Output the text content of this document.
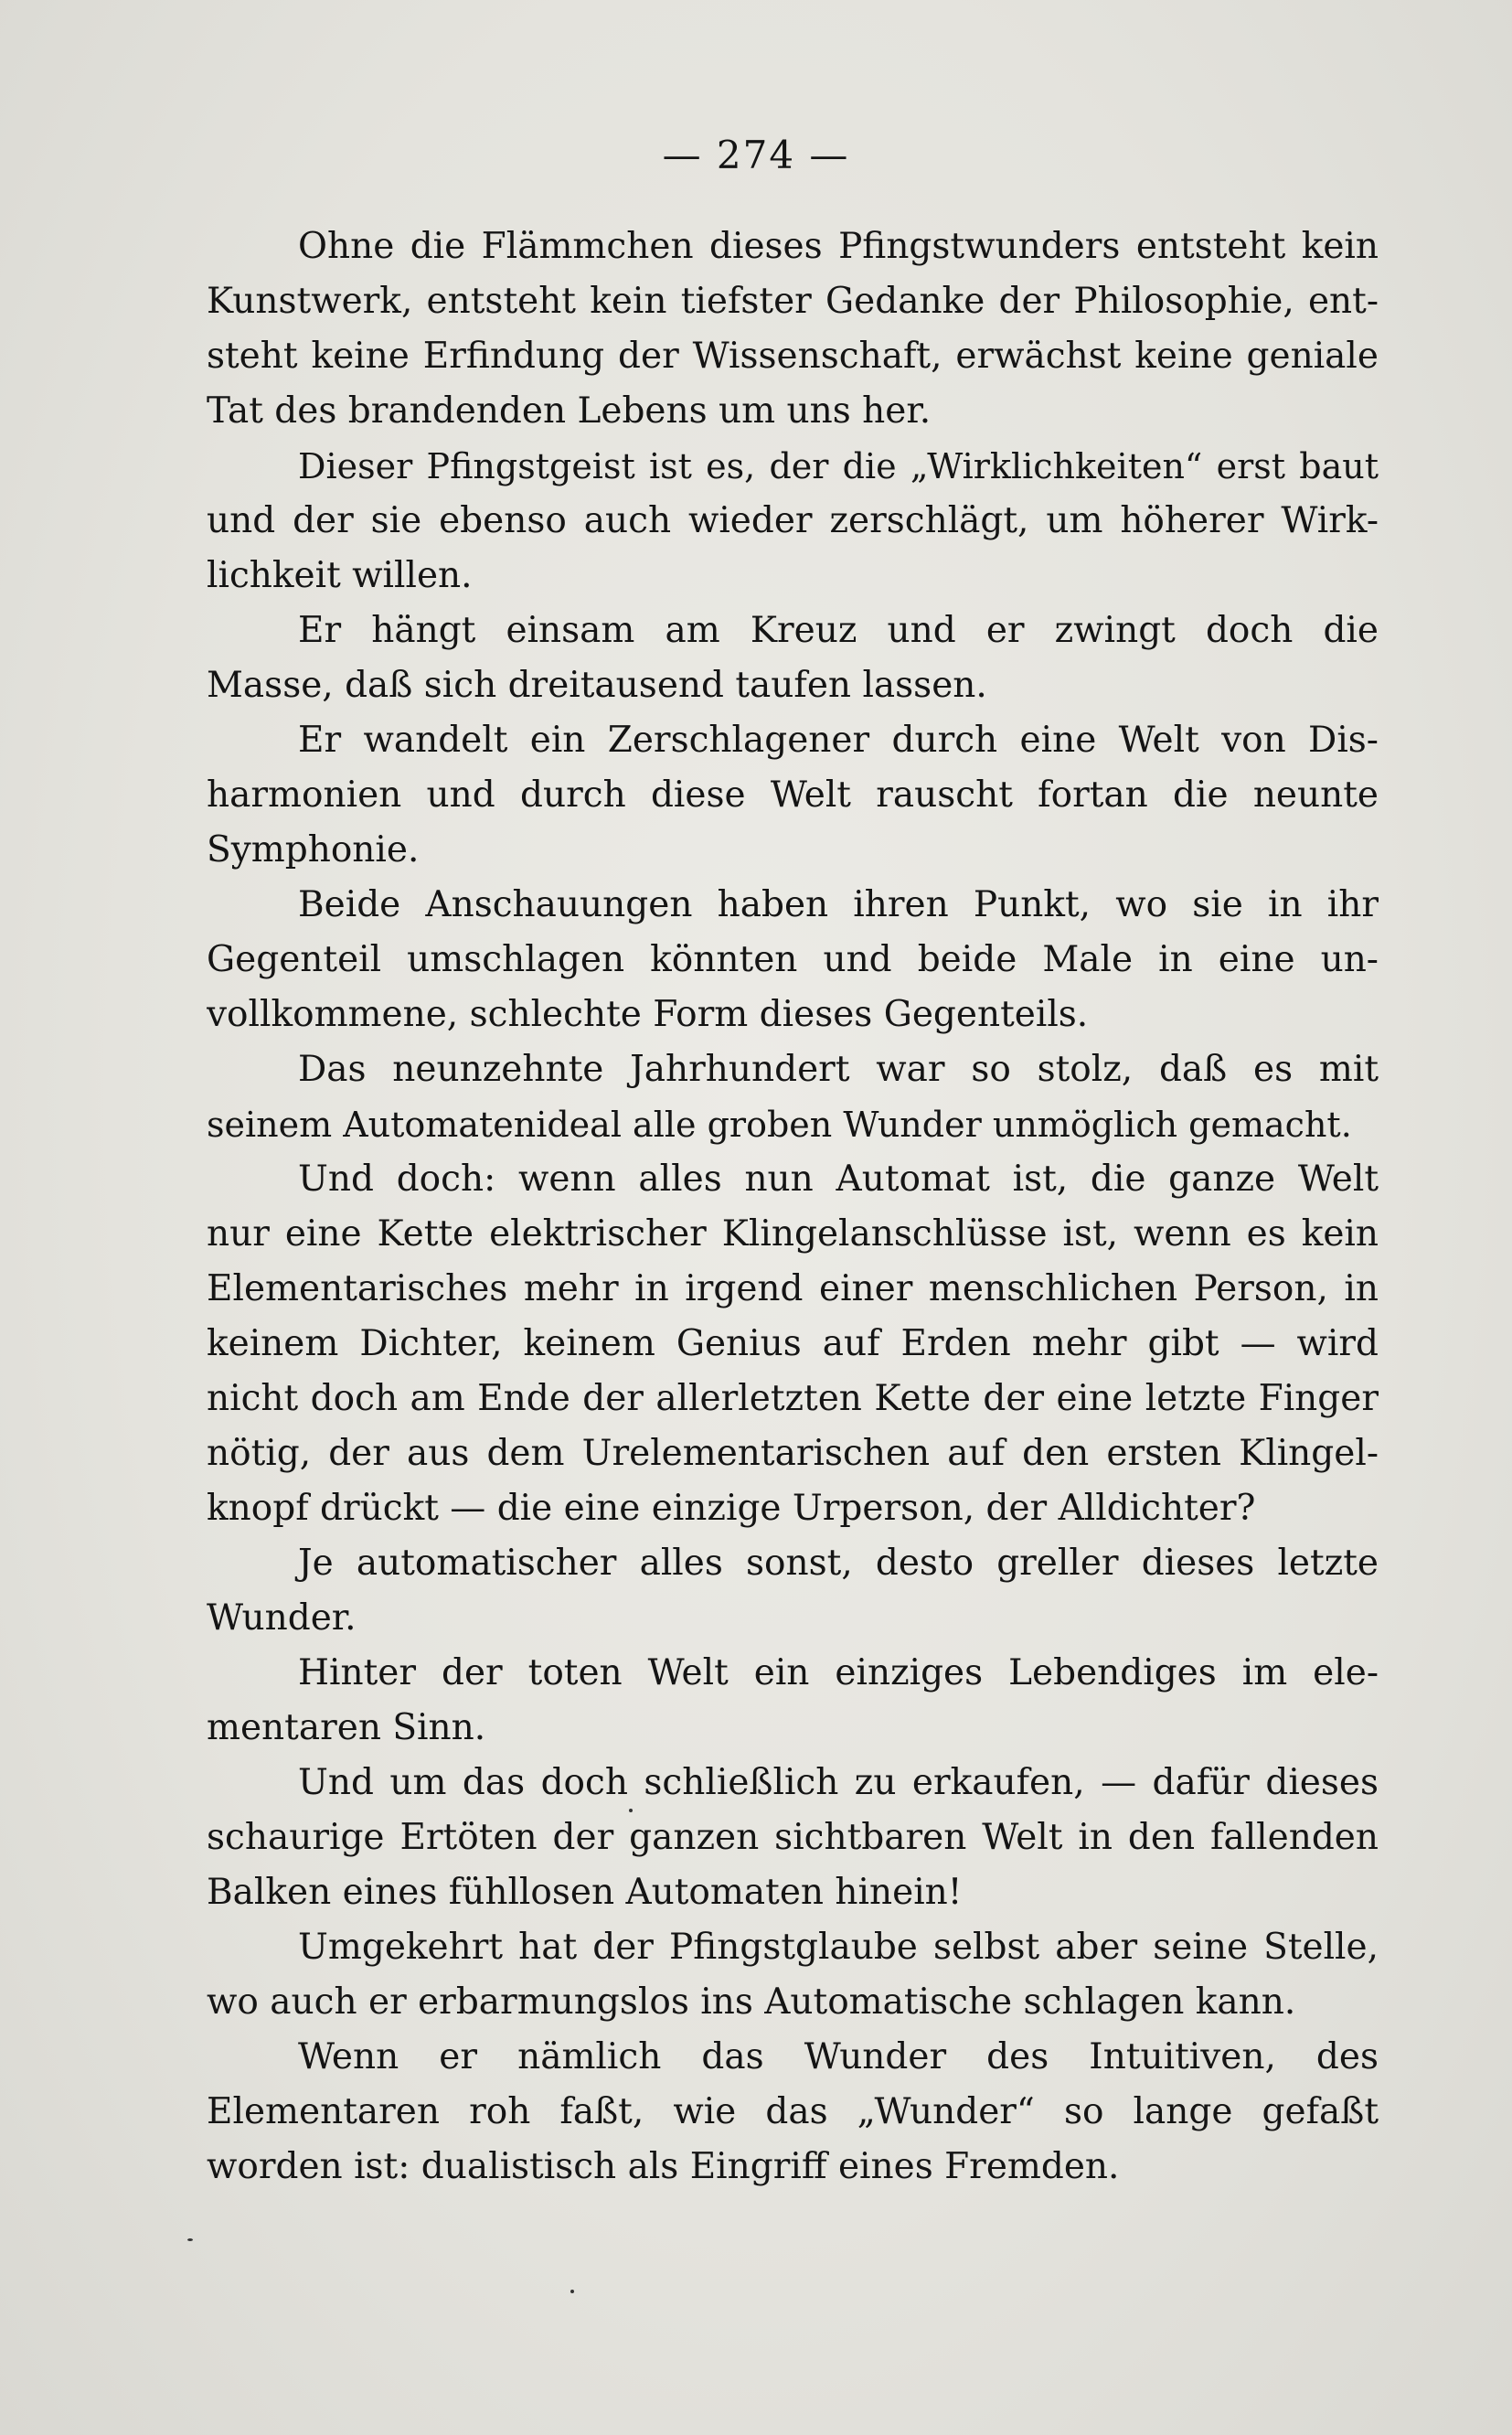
— 274 —
Ohne die Flämmchen dieses Pfingstwunders entsteht kein
Kunstwerk, entsteht kein tiefster Gedanke der Philosophie, ent-
steht keine Erfindung der Wissenschaft, erwächst keine geniale
Tat des brandenden Lebens um uns her.
Dieser Pfingstgeist ist es, der die „Wirklichkeiten“ erst baut
und der sie ebenso auch wieder zerschlägt, um höherer Wirk-
lichkeit willen.
Er hängt einsam am Kreuz und er zwingt doch die
Masse, daß sich dreitausend taufen lassen.
Er wandelt ein Zerschlagener durch eine Welt von Dis-
harmonien und durch diese Welt rauscht fortan die neunte
Symphonie.
Beide Anschauungen haben ihren Punkt, wo sie in ihr
Gegenteil umschlagen könnten und beide Male in eine un-
vollkommene, schlechte Form dieses Gegenteils.
Das neunzehnte Jahrhundert war so stolz, daß es mit
seinem Automatenideal alle groben Wunder unmöglich gemacht.
Und doch: wenn alles nun Automat ist, die ganze Welt
nur eine Kette elektrischer Klingelanschlüsse ist, wenn es kein
Elementarisches mehr in irgend einer menschlichen Person, in
keinem Dichter, keinem Genius auf Erden mehr gibt — wird
nicht doch am Ende der allerletzten Kette der eine letzte Finger
nötig, der aus dem Urelementarischen auf den ersten Klingel-
knopf drückt — die eine einzige Urperson, der Alldichter?
Je automatischer alles sonst, desto greller dieses letzte
Wunder.
Hinter der toten Welt ein einziges Lebendiges im ele-
mentaren Sinn.
Und um das doch schließlich zu erkaufen, — dafür dieses
schaurige Ertöten der ganzen sichtbaren Welt in den fallenden
Balken eines fühllosen Automaten hinein!
Umgekehrt hat der Pfingstglaube selbst aber seine Stelle,
wo auch er erbarmungslos ins Automatische schlagen kann.
Wenn er nämlich das Wunder des Intuitiven, des
Elementaren roh faßt, wie das „Wunder“ so lange gefaßt
worden ist: dualistisch als Eingriff eines Fremden.
